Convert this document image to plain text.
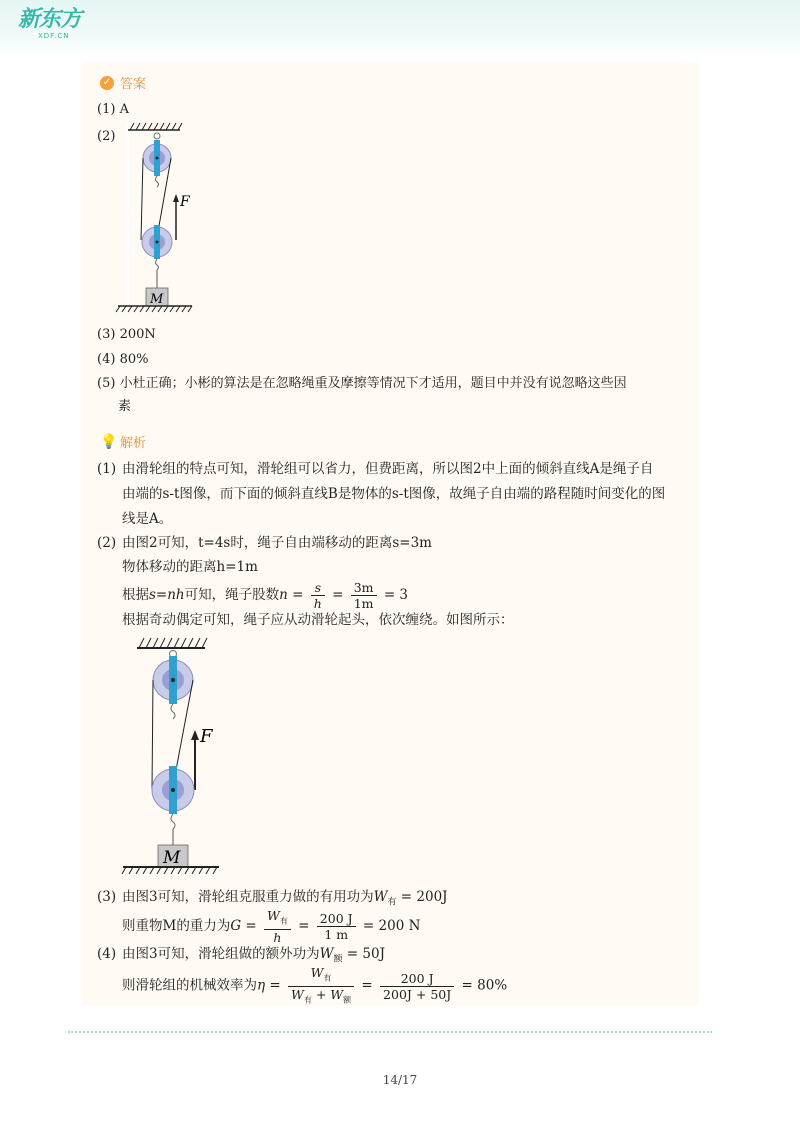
新东方
XDF.CN
✓ 答案
(1) A
(2)
F
M
(3) 200N
(4) 80%
(5) 小杜正确；小彬的算法是在忽略绳重及摩擦等情况下才适用，题目中并没有说忽略这些因
素
💡 解析
(1) 由滑轮组的特点可知，滑轮组可以省力，但费距离，所以图2中上面的倾斜直线A是绳子自
由端的s-t图像，而下面的倾斜直线B是物体的s-t图像，故绳子自由端的路程随时间变化的图
线是A。
(2) 由图2可知，t=4s时，绳子自由端移动的距离s=3m
物体移动的距离h=1m
根据s=nh可知，绳子股数$n = \frac{s}{h} = \frac{3m}{1m} = 3$
根据奇动偶定可知，绳子应从动滑轮起头，依次缠绕。如图所示：
F
M
(3) 由图3可知，滑轮组克服重力做的有用功为$W_有 = 200J$
则重物M的重力为$G = \frac{W_有}{h} = \frac{200 J}{1 m} = 200$ N
(4) 由图3可知，滑轮组做的额外功为$W_额 = 50J$
则滑轮组的机械效率为$\eta = \frac{W_有}{W_有 + W_额} = \frac{200 J}{200J + 50J} = 80\%$
14/17
